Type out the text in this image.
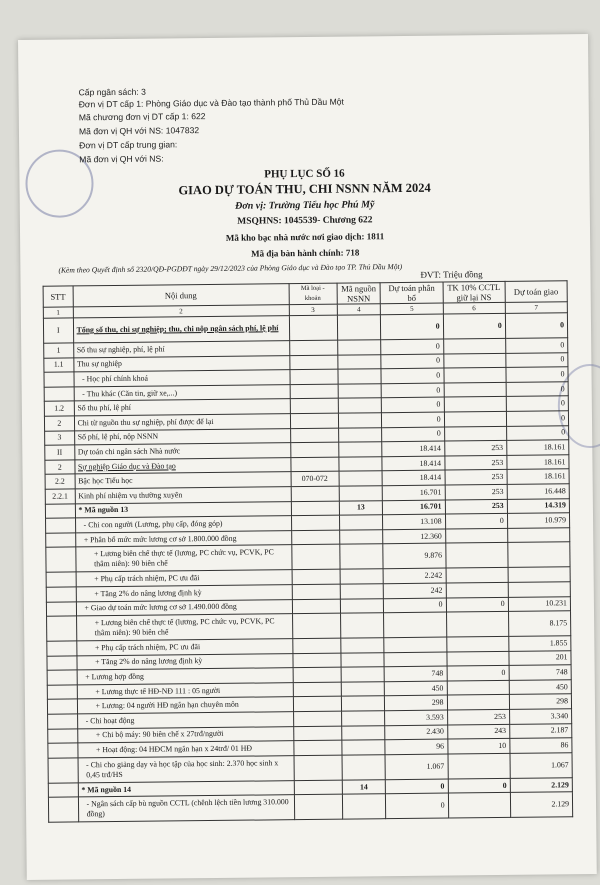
Cấp ngân sách: 3
Đơn vị DT cấp 1: Phòng Giáo dục và Đào tạo thành phố Thủ Dầu Một
Mã chương đơn vị DT cấp 1: 622
Mã đơn vị QH với NS: 1047832
Đơn vị DT cấp trung gian:
Mã đơn vị QH với NS:
PHỤ LỤC SỐ 16
GIAO DỰ TOÁN THU, CHI NSNN NĂM 2024
Đơn vị: Trường Tiểu học Phú Mỹ
MSQHNS: 1045539- Chương 622
Mã kho bạc nhà nước nơi giao dịch: 1811
Mã địa bàn hành chính: 718
(Kèm theo Quyết định số 2320/QĐ-PGDĐT ngày 29/12/2023 của Phòng Giáo dục và Đào tạo TP. Thủ Dầu Một) ĐVT: Triệu đồng
STT	Nội dung	Mã loại - khoản	Mã nguồn NSNN	Dự toán phân bổ	TK 10% CCTL giữ lại NS	Dự toán giao
1	2	3	4	5	6	7
I	Tổng số thu, chi sự nghiệp; thu, chi nộp ngân sách phí, lệ phí			0	0	0
1	Số thu sự nghiệp, phí, lệ phí			0		0
1.1	Thu sự nghiệp			0		0
	- Học phí chính khoá			0		0
	- Thu khác (Căn tin, giữ xe,...)			0		0
1.2	Số thu phí, lệ phí			0		0
2	Chi từ nguồn thu sự nghiệp, phí được để lại			0		0
3	Số phí, lệ phí, nộp NSNN			0		0
II	Dự toán chi ngân sách Nhà nước			18.414	253	18.161
2	Sự nghiệp Giáo dục và Đào tạo			18.414	253	18.161
2.2	Bậc học Tiểu học	070-072		18.414	253	18.161
2.2.1	Kinh phí nhiệm vụ thường xuyên			16.701	253	16.448
	* Mã nguồn 13		13	16.701	253	14.319
	- Chi con người (Lương, phụ cấp, đóng góp)			13.108	0	10.979
	+ Phân bổ mức mức lương cơ sở 1.800.000 đồng			12.360		
	+ Lương biên chế thực tế (lương, PC chức vụ, PCVK, PC thâm niên): 90 biên chế			9.876		
	+ Phụ cấp trách nhiệm, PC ưu đãi			2.242		
	+ Tăng 2% do nâng lương định kỳ			242		
	+ Giao dự toán mức lương cơ sở 1.490.000 đồng			0	0	10.231
	+ Lương biên chế thực tế (lương, PC chức vụ, PCVK, PC thâm niên): 90 biên chế					8.175
	+ Phụ cấp trách nhiệm, PC ưu đãi					1.855
	+ Tăng 2% do nâng lương định kỳ					201
	+ Lương hợp đồng			748	0	748
	+ Lương thực tế HĐ-NĐ 111 : 05 người			450		450
	+ Lương: 04 người HĐ ngắn hạn chuyên môn			298		298
	- Chi hoạt động			3.593	253	3.340
	+ Chi bộ máy: 90 biên chế x 27trđ/người			2.430	243	2.187
	+ Hoạt động: 04 HĐCM ngắn hạn x 24trđ/ 01 HĐ			96	10	86
	- Chi cho giảng dạy và học tập của học sinh: 2.370 học sinh x 0,45 trđ/HS			1.067		1.067
	* Mã nguồn 14		14	0	0	2.129
	- Ngân sách cấp bù nguồn CCTL (chênh lệch tiền lương 310.000 đồng)			0		2.129
